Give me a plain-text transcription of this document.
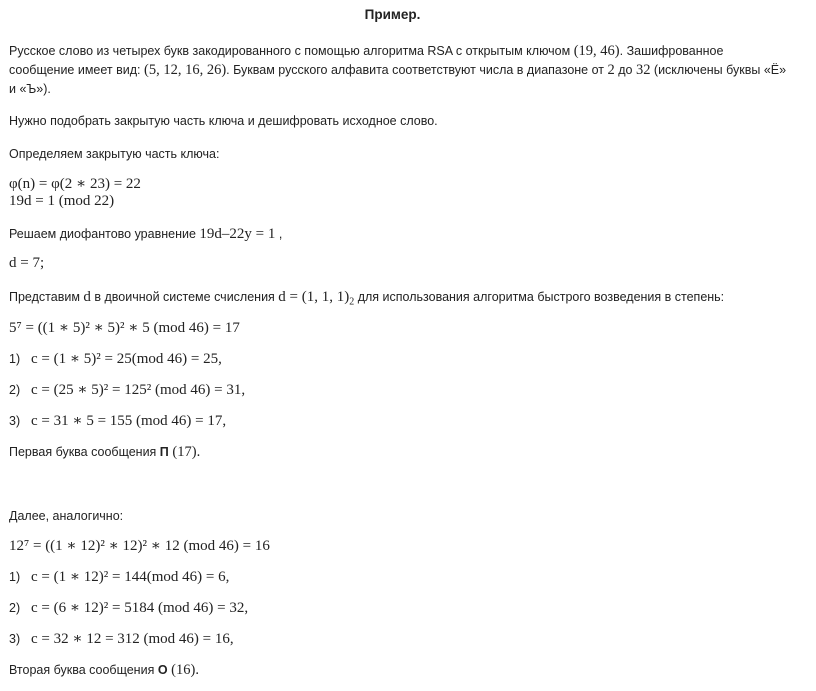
Пример.

Русское слово из четырех букв закодированного с помощью алгоритма RSA с открытым ключом (19, 46). Зашифрованное
сообщение имеет вид: (5, 12, 16, 26). Буквам русского алфавита соответствуют числа в диапазоне от 2 до 32 (исключены буквы «Ё»
и «Ъ»).

Нужно подобрать закрытую часть ключа и дешифровать исходное слово.

Определяем закрытую часть ключа:

φ(n) = φ(2 ∗ 23) = 22

19d = 1 (mod 22)

Решаем диофантово уравнение 19d–22y = 1 ,

d = 7;

Представим d в двоичной системе счисления d = (1, 1, $1)_2$ для использования алгоритма быстрого возведения в степень:

5⁷ = ((1 ∗ 5)² ∗ 5)² ∗ 5 (mod 46) = 17

1) c = (1 ∗ 5)² = 25(mod 46) = 25,
2) c = (25 ∗ 5)² = 125² (mod 46) = 31,
3) c = 31 ∗ 5 = 155 (mod 46) = 17,

Первая буква сообщения П (17).

Далее, аналогично:

12⁷ = ((1 ∗ 12)² ∗ 12)² ∗ 12 (mod 46) = 16

1) c = (1 ∗ 12)² = 144(mod 46) = 6,
2) c = (6 ∗ 12)² = 5184 (mod 46) = 32,
3) c = 32 ∗ 12 = 312 (mod 46) = 16,

Вторая буква сообщения О (16).
